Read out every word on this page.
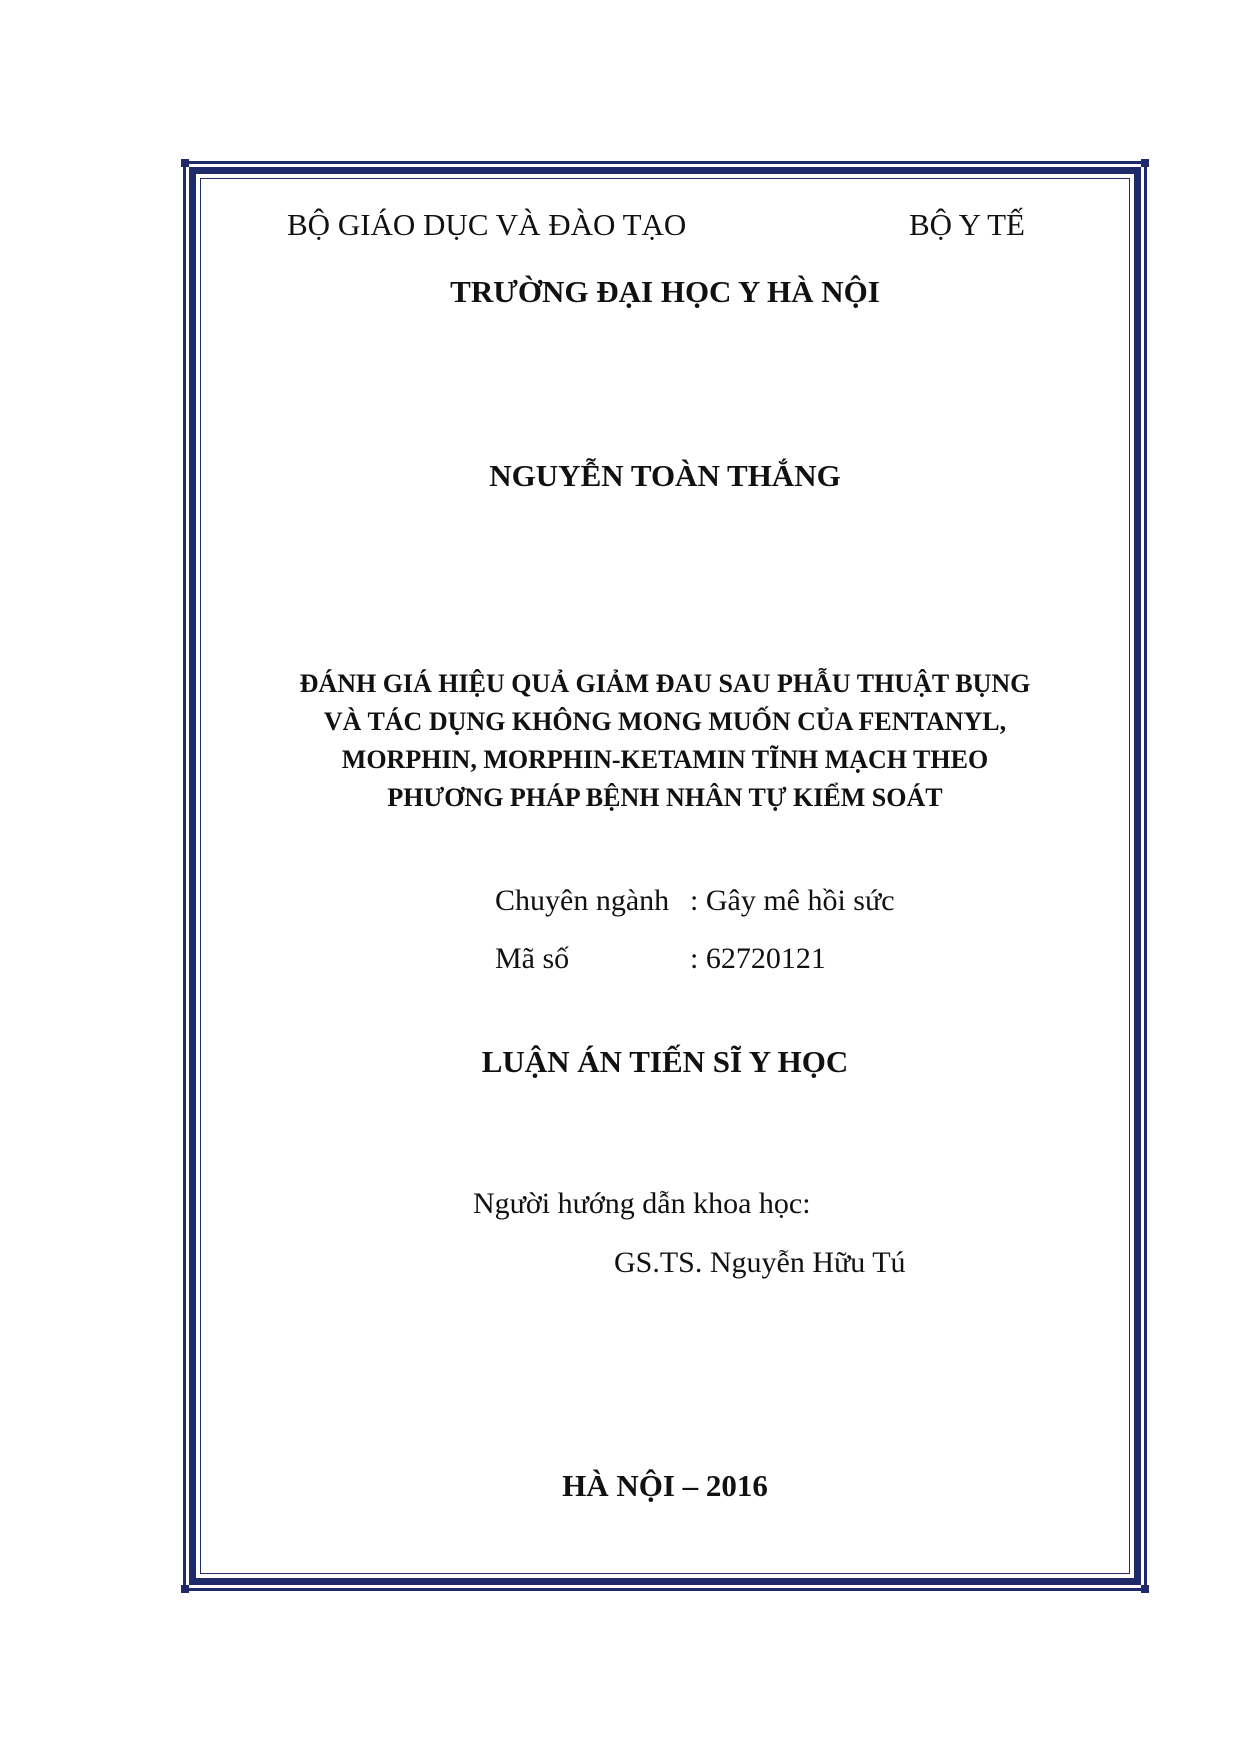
BỘ GIÁO DỤC VÀ ĐÀO TẠO	BỘ Y TẾ
TRƯỜNG ĐẠI HỌC Y HÀ NỘI
NGUYỄN TOÀN THẮNG
ĐÁNH GIÁ HIỆU QUẢ GIẢM ĐAU SAU PHẪU THUẬT BỤNG
VÀ TÁC DỤNG KHÔNG MONG MUỐN CỦA FENTANYL,
MORPHIN, MORPHIN-KETAMIN TĨNH MẠCH THEO
PHƯƠNG PHÁP BỆNH NHÂN TỰ KIỂM SOÁT
Chuyên ngành : Gây mê hồi sức
Mã số	: 62720121
LUẬN ÁN TIẾN SĨ Y HỌC
Người hướng dẫn khoa học:
GS.TS. Nguyễn Hữu Tú
HÀ NỘI – 2016
